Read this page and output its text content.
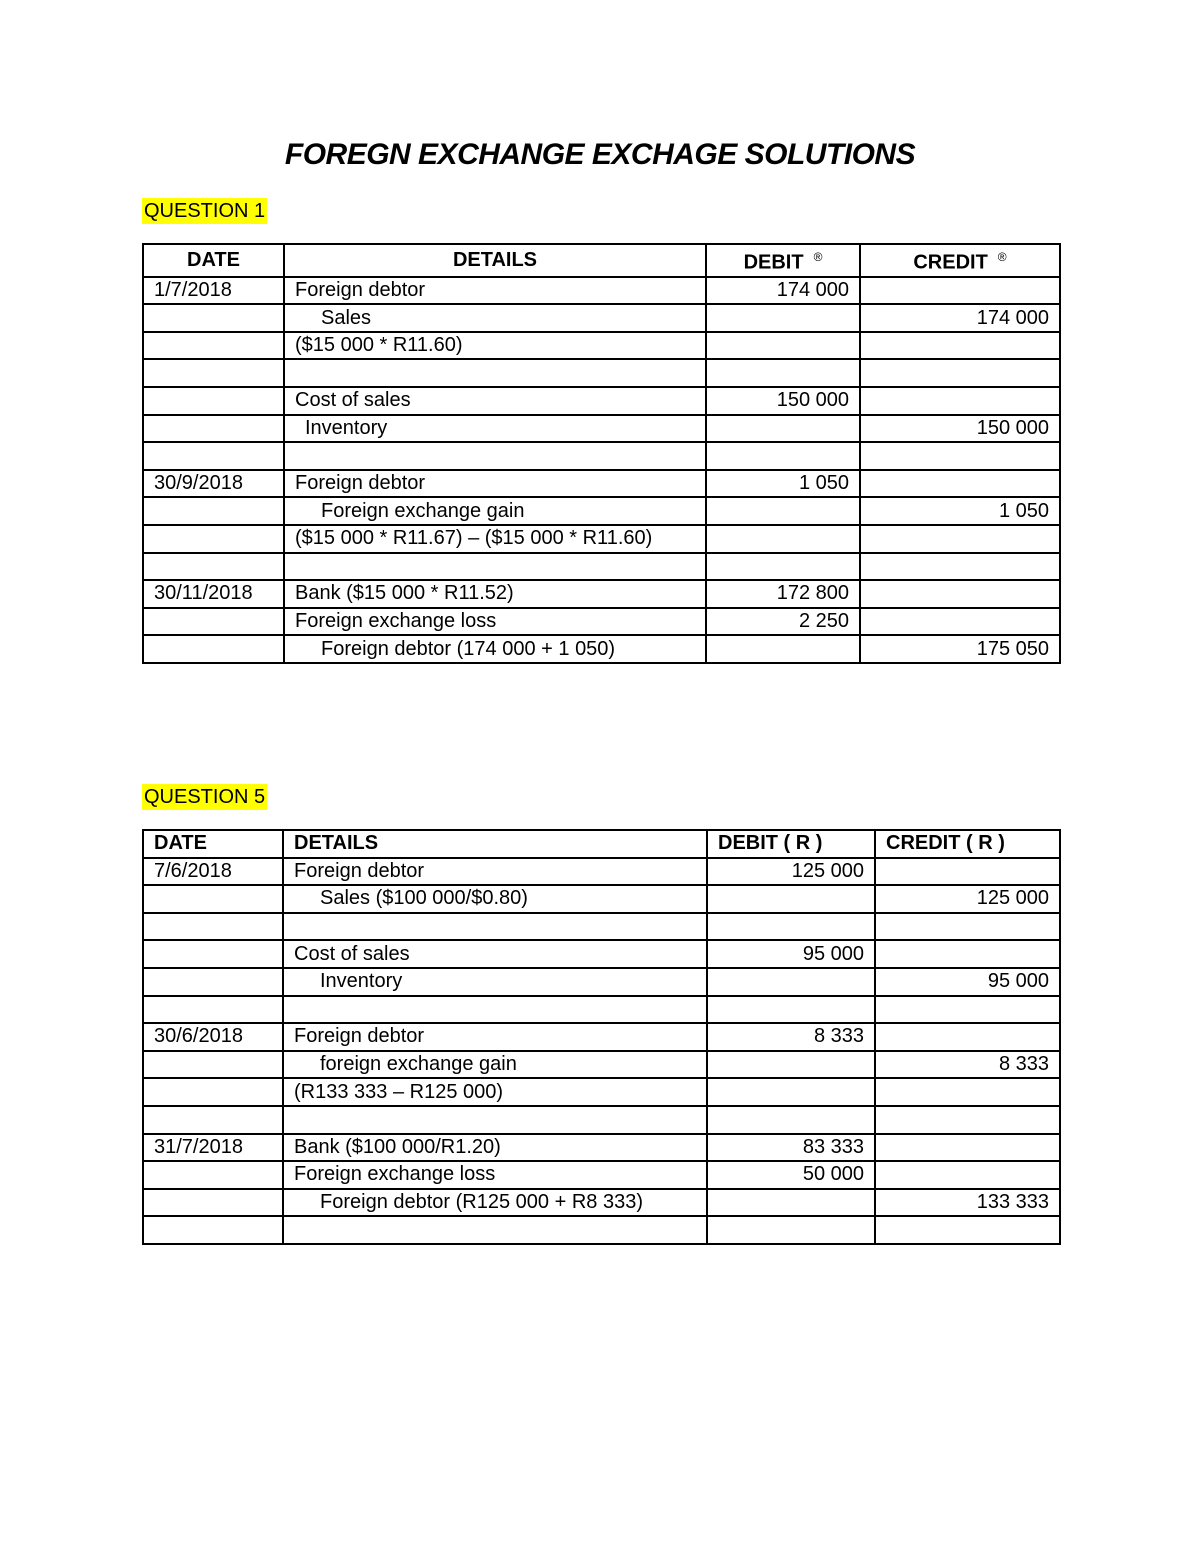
FOREGN EXCHANGE EXCHAGE SOLUTIONS
QUESTION 1
DATE	DETAILS	DEBIT ®	CREDIT ®
1/7/2018	Foreign debtor	174 000	
	Sales		174 000
	($15 000 * R11.60)		

	Cost of sales	150 000	
	Inventory		150 000

30/9/2018	Foreign debtor	1 050	
	Foreign exchange gain		1 050
	($15 000 * R11.67) – ($15 000 * R11.60)		

30/11/2018	Bank ($15 000 * R11.52)	172 800	
	Foreign exchange loss	2 250	
	Foreign debtor (174 000 + 1 050)		175 050
QUESTION 5
DATE	DETAILS	DEBIT ( R )	CREDIT ( R )
7/6/2018	Foreign debtor	125 000	
	Sales ($100 000/$0.80)		125 000

	Cost of sales	95 000	
	Inventory		95 000

30/6/2018	Foreign debtor	8 333	
	foreign exchange gain		8 333
	(R133 333 – R125 000)		

31/7/2018	Bank ($100 000/R1.20)	83 333	
	Foreign exchange loss	50 000	
	Foreign debtor (R125 000 + R8 333)		133 333
